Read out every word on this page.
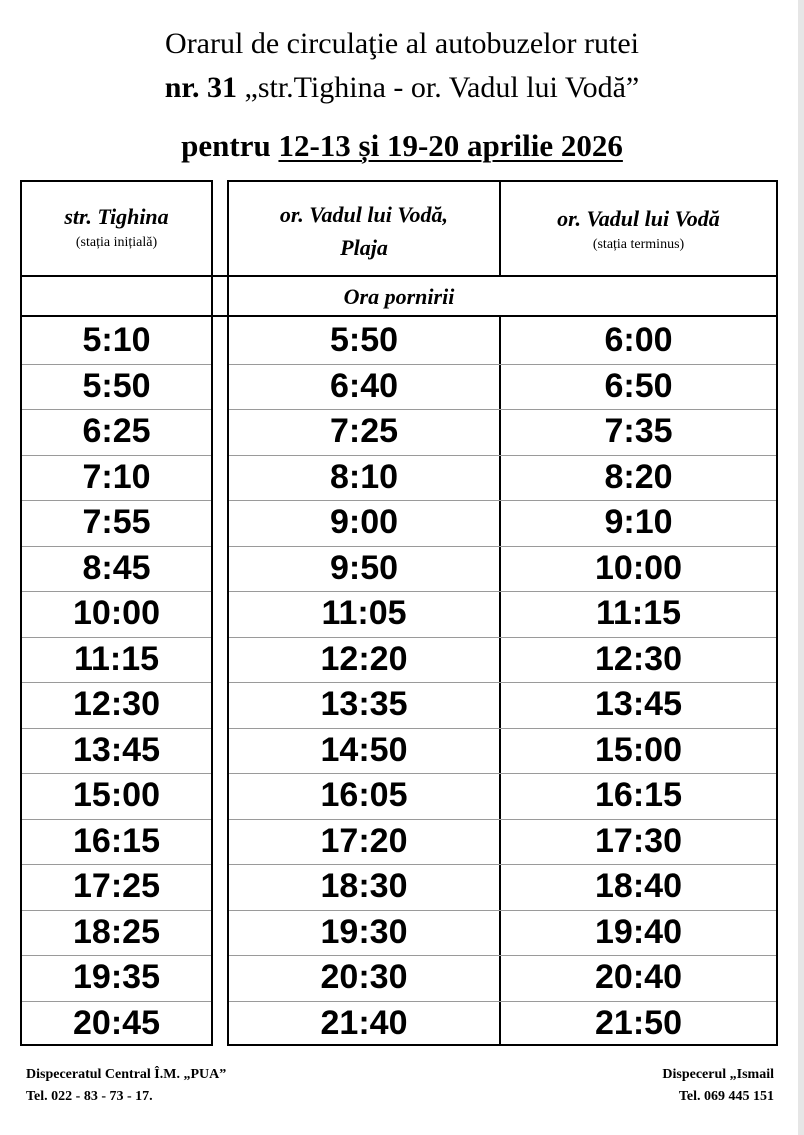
Orarul de circulaţie al autobuzelor rutei
nr. 31 „str.Tighina - or. Vadul lui Vodă”
pentru 12-13 și 19-20 aprilie 2026
str. Tighina
(stația inițială)
or. Vadul lui Vodă,
Plaja
or. Vadul lui Vodă
(stația terminus)
Ora pornirii
5:10	5:50	6:00
5:50	6:40	6:50
6:25	7:25	7:35
7:10	8:10	8:20
7:55	9:00	9:10
8:45	9:50	10:00
10:00	11:05	11:15
11:15	12:20	12:30
12:30	13:35	13:45
13:45	14:50	15:00
15:00	16:05	16:15
16:15	17:20	17:30
17:25	18:30	18:40
18:25	19:30	19:40
19:35	20:30	20:40
20:45	21:40	21:50
Dispeceratul Central Î.M. „PUA”
Tel. 022 - 83 - 73 - 17.
Dispecerul „Ismail
Tel. 069 445 151
